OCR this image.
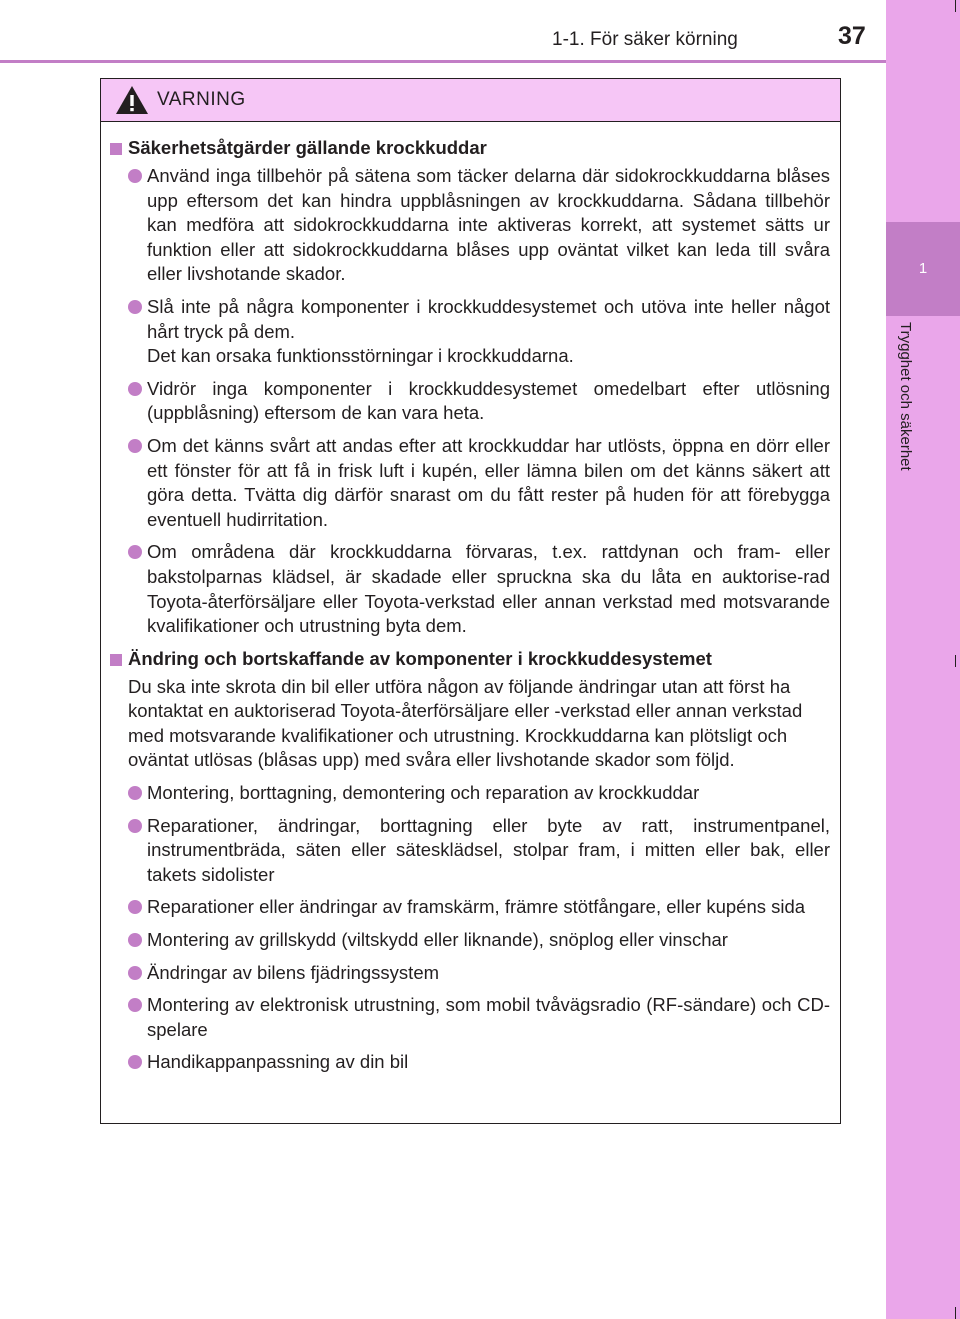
1
Trygghet och säkerhet
1-1. För säker körning	37
VARNING
Säkerhetsåtgärder gällande krockkuddar
Använd inga tillbehör på sätena som täcker delarna där sidokrockkuddarna blåses upp eftersom det kan hindra uppblåsningen av krockkuddarna. Sådana tillbehör kan medföra att sidokrockkuddarna inte aktiveras korrekt, att systemet sätts ur funktion eller att sidokrockkuddarna blåses upp oväntat vilket kan leda till svåra eller livshotande skador.
Slå inte på några komponenter i krockkuddesystemet och utöva inte heller något hårt tryck på dem.
Det kan orsaka funktionsstörningar i krockkuddarna.
Vidrör inga komponenter i krockkuddesystemet omedelbart efter utlösning (uppblåsning) eftersom de kan vara heta.
Om det känns svårt att andas efter att krockkuddar har utlösts, öppna en dörr eller ett fönster för att få in frisk luft i kupén, eller lämna bilen om det känns säkert att göra detta. Tvätta dig därför snarast om du fått rester på huden för att förebygga eventuell hudirritation.
Om områdena där krockkuddarna förvaras, t.ex. rattdynan och fram- eller bakstolparnas klädsel, är skadade eller spruckna ska du låta en auktorise-rad Toyota-återförsäljare eller Toyota-verkstad eller annan verkstad med motsvarande kvalifikationer och utrustning byta dem.
Ändring och bortskaffande av komponenter i krockkuddesystemet
Du ska inte skrota din bil eller utföra någon av följande ändringar utan att först ha kontaktat en auktoriserad Toyota-återförsäljare eller -verkstad eller annan verkstad med motsvarande kvalifikationer och utrustning. Krockkuddarna kan plötsligt och oväntat utlösas (blåsas upp) med svåra eller livshotande skador som följd.
Montering, borttagning, demontering och reparation av krockkuddar
Reparationer, ändringar, borttagning eller byte av ratt, instrumentpanel, instrumentbräda, säten eller sätesklädsel, stolpar fram, i mitten eller bak, eller takets sidolister
Reparationer eller ändringar av framskärm, främre stötfångare, eller kupéns sida
Montering av grillskydd (viltskydd eller liknande), snöplog eller vinschar
Ändringar av bilens fjädringssystem
Montering av elektronisk utrustning, som mobil tvåvägsradio (RF-sändare) och CD-spelare
Handikappanpassning av din bil
